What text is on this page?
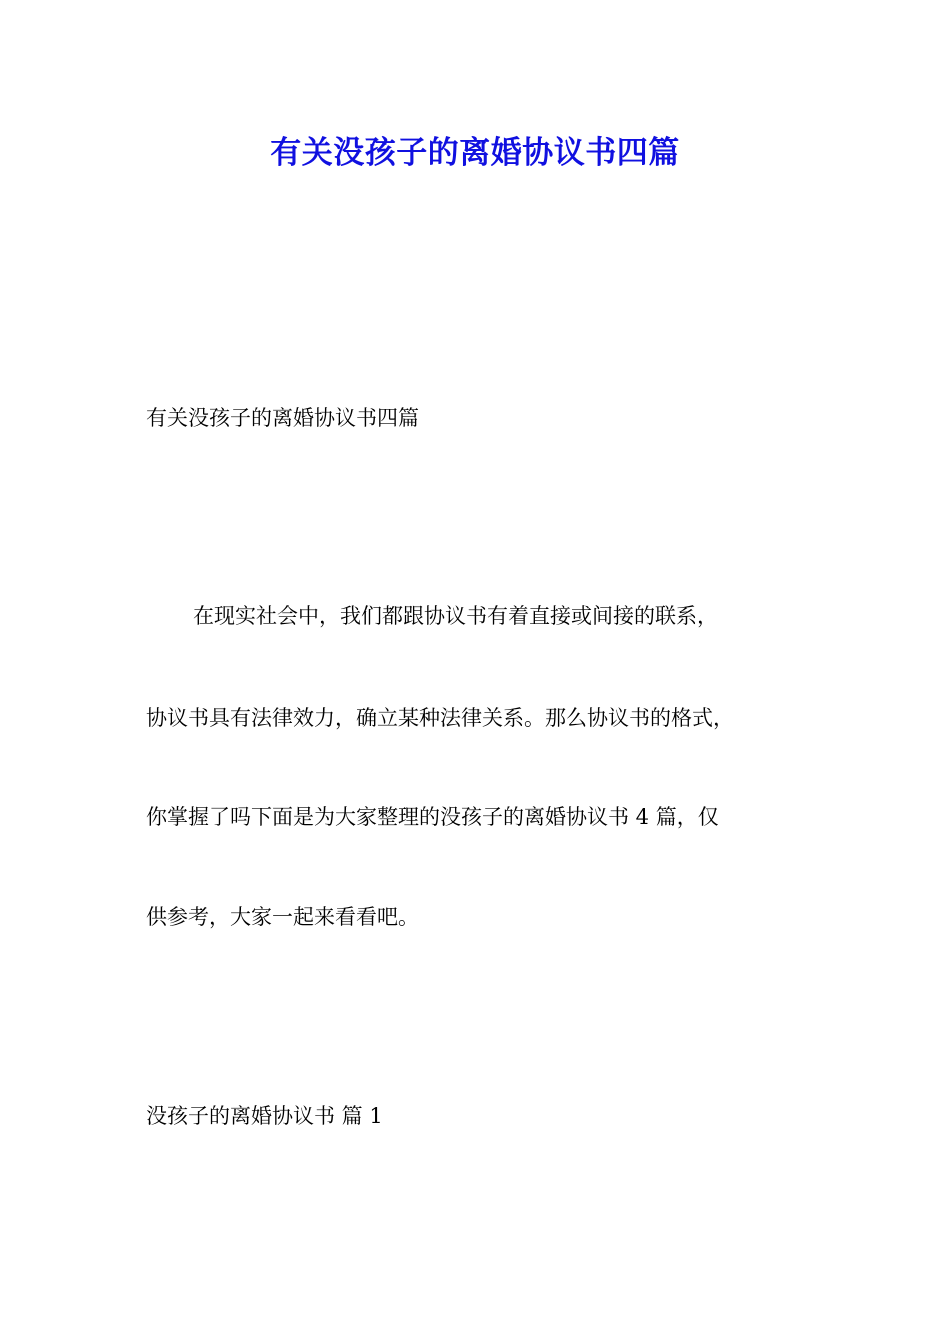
有关没孩子的离婚协议书四篇
有关没孩子的离婚协议书四篇
在现实社会中，我们都跟协议书有着直接或间接的联系，
协议书具有法律效力，确立某种法律关系。那么协议书的格式，
你掌握了吗下面是为大家整理的没孩子的离婚协议书 4 篇，仅
供参考，大家一起来看看吧。
没孩子的离婚协议书 篇 1
